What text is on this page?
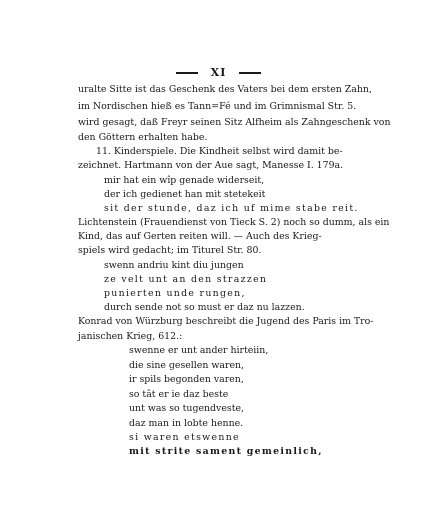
XI
uralte Sitte ist das Geschenk des Vaters bei dem ersten Zahn,
im Nordischen hieß es Tann=Fé und im Grimnismal Str. 5.
wird gesagt, daß Freyr seinen Sitz Alfheim als Zahngeschenk von
den Göttern erhalten habe.
11. Kinderspiele. Die Kindheit selbst wird damit be-
zeichnet. Hartmann von der Aue sagt, Manesse I. 179a.
mir hat ein wîp genade widerseit,
der ich gedienet han mit stetekeit
sit der stunde, daz ich uf mime stabe reit.
Lichtenstein (Frauendienst von Tieck S. 2) noch so dumm, als ein
Kind, das auf Gerten reiten will. — Auch des Krieg-
spiels wird gedacht; im Titurel Str. 80.
swenn andriu kint diu jungen
ze velt unt an den strazzen
punierten unde rungen,
durch sende not so must er daz nu lazzen.
Konrad von Würzburg beschreibt die Jugend des Paris im Tro-
janischen Krieg, 612.:
swenne er unt ander hirteiin,
die sine gesellen waren,
ir spils begonden varen,
so tât er ie daz beste
unt was so tugendveste,
daz man in lobte henne.
si waren etswenne
mit strite sament gemeinlich,
